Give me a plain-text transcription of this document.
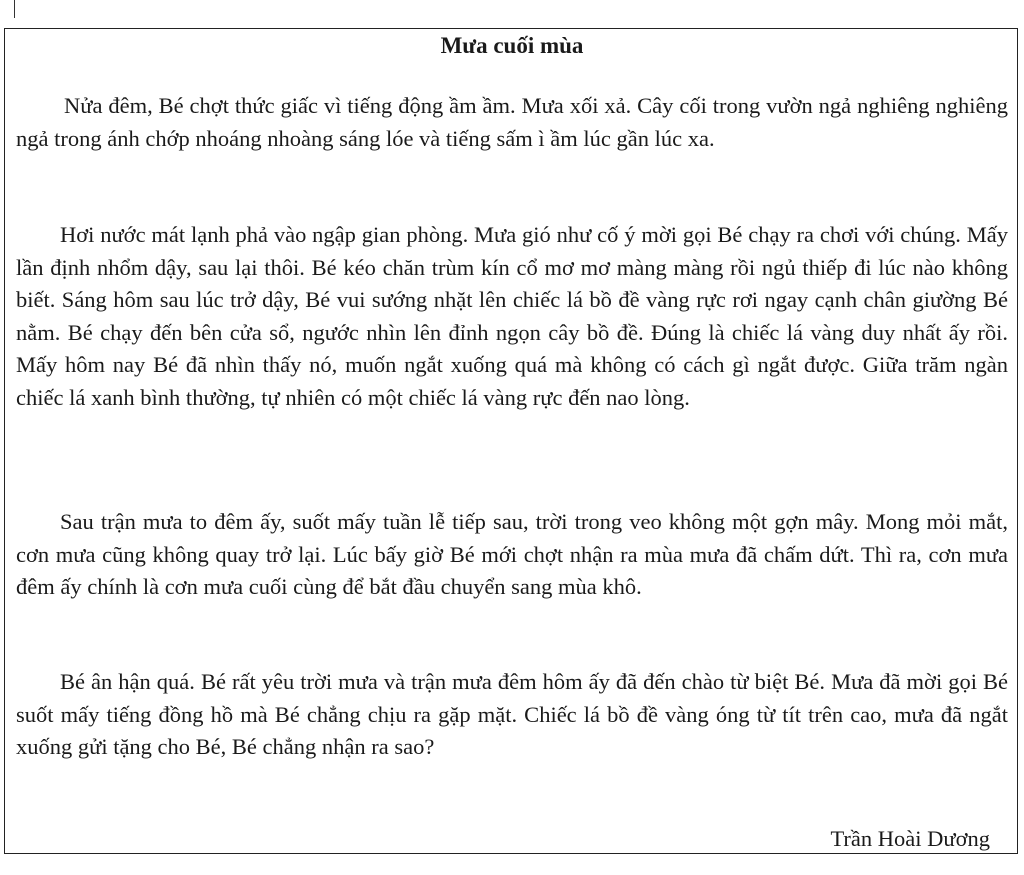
Mưa cuối mùa

Nửa đêm, Bé chợt thức giấc vì tiếng động ầm ầm. Mưa xối xả. Cây cối trong vườn ngả nghiêng nghiêng ngả trong ánh chớp nhoáng nhoàng sáng lóe và tiếng sấm ì ầm lúc gần lúc xa.

Hơi nước mát lạnh phả vào ngập gian phòng. Mưa gió như cố ý mời gọi Bé chạy ra chơi với chúng. Mấy lần định nhổm dậy, sau lại thôi. Bé kéo chăn trùm kín cổ mơ mơ màng màng rồi ngủ thiếp đi lúc nào không biết. Sáng hôm sau lúc trở dậy, Bé vui sướng nhặt lên chiếc lá bồ đề vàng rực rơi ngay cạnh chân giường Bé nằm. Bé chạy đến bên cửa sổ, ngước nhìn lên đỉnh ngọn cây bồ đề. Đúng là chiếc lá vàng duy nhất ấy rồi. Mấy hôm nay Bé đã nhìn thấy nó, muốn ngắt xuống quá mà không có cách gì ngắt được. Giữa trăm ngàn chiếc lá xanh bình thường, tự nhiên có một chiếc lá vàng rực đến nao lòng.

Sau trận mưa to đêm ấy, suốt mấy tuần lễ tiếp sau, trời trong veo không một gợn mây. Mong mỏi mắt, cơn mưa cũng không quay trở lại. Lúc bấy giờ Bé mới chợt nhận ra mùa mưa đã chấm dứt. Thì ra, cơn mưa đêm ấy chính là cơn mưa cuối cùng để bắt đầu chuyển sang mùa khô.

Bé ân hận quá. Bé rất yêu trời mưa và trận mưa đêm hôm ấy đã đến chào từ biệt Bé. Mưa đã mời gọi Bé suốt mấy tiếng đồng hồ mà Bé chẳng chịu ra gặp mặt. Chiếc lá bồ đề vàng óng từ tít trên cao, mưa đã ngắt xuống gửi tặng cho Bé, Bé chẳng nhận ra sao?

Trần Hoài Dương
